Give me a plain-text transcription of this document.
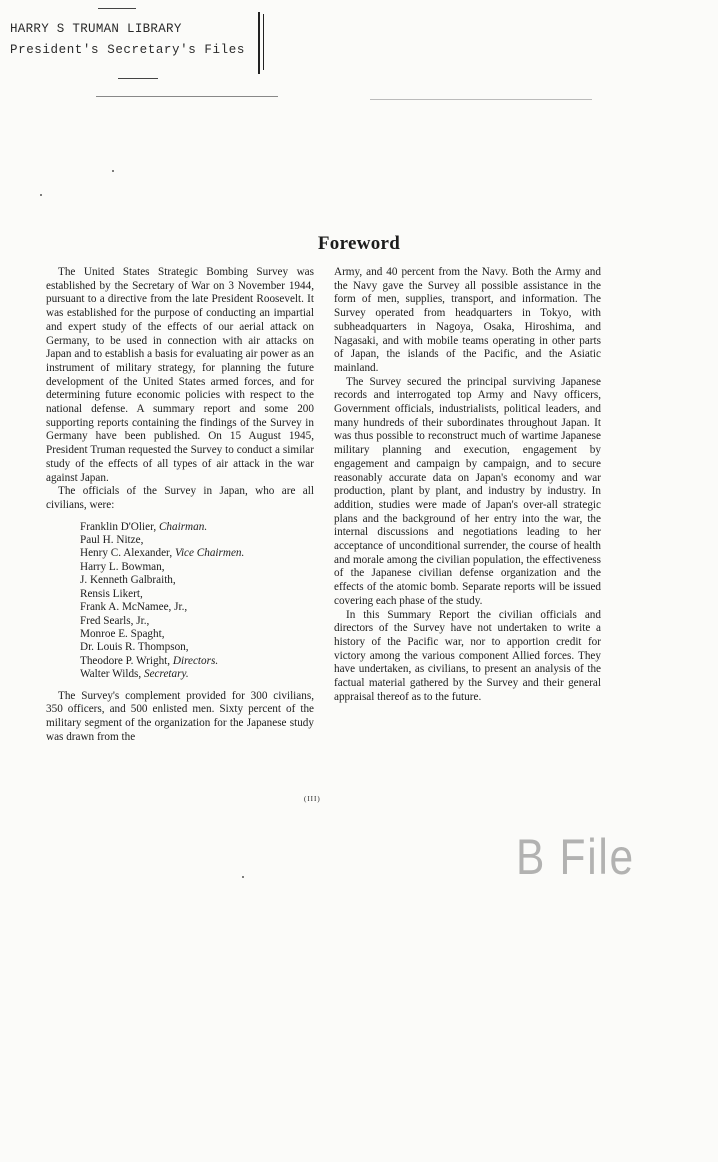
HARRY S TRUMAN LIBRARY
President's Secretary's Files
Foreword

The United States Strategic Bombing Survey was established by the Secretary of War on 3 November 1944, pursuant to a directive from the late President Roosevelt. It was established for the purpose of conducting an impartial and expert study of the effects of our aerial attack on Germany, to be used in connection with air attacks on Japan and to establish a basis for evaluating air power as an instrument of military strategy, for planning the future development of the United States armed forces, and for determining future economic policies with respect to the national defense. A summary report and some 200 supporting reports containing the findings of the Survey in Germany have been published. On 15 August 1945, President Truman requested the Survey to conduct a similar study of the effects of all types of air attack in the war against Japan.

The officials of the Survey in Japan, who are all civilians, were:

Franklin D'Olier, Chairman.
Paul H. Nitze,
Henry C. Alexander, Vice Chairmen.
Harry L. Bowman,
J. Kenneth Galbraith,
Rensis Likert,
Frank A. McNamee, Jr.,
Fred Searls, Jr.,
Monroe E. Spaght,
Dr. Louis R. Thompson,
Theodore P. Wright, Directors.
Walter Wilds, Secretary.

The Survey's complement provided for 300 civilians, 350 officers, and 500 enlisted men. Sixty percent of the military segment of the organization for the Japanese study was drawn from the

Army, and 40 percent from the Navy. Both the Army and the Navy gave the Survey all possible assistance in the form of men, supplies, transport, and information. The Survey operated from headquarters in Tokyo, with subheadquarters in Nagoya, Osaka, Hiroshima, and Nagasaki, and with mobile teams operating in other parts of Japan, the islands of the Pacific, and the Asiatic mainland.

The Survey secured the principal surviving Japanese records and interrogated top Army and Navy officers, Government officials, industrialists, political leaders, and many hundreds of their subordinates throughout Japan. It was thus possible to reconstruct much of wartime Japanese military planning and execution, engagement by engagement and campaign by campaign, and to secure reasonably accurate data on Japan's economy and war production, plant by plant, and industry by industry. In addition, studies were made of Japan's over-all strategic plans and the background of her entry into the war, the internal discussions and negotiations leading to her acceptance of unconditional surrender, the course of health and morale among the civilian population, the effectiveness of the Japanese civilian defense organization and the effects of the atomic bomb. Separate reports will be issued covering each phase of the study.

In this Summary Report the civilian officials and directors of the Survey have not undertaken to write a history of the Pacific war, nor to apportion credit for victory among the various component Allied forces. They have undertaken, as civilians, to present an analysis of the factual material gathered by the Survey and their general appraisal thereof as to the future.

(III)
B File
